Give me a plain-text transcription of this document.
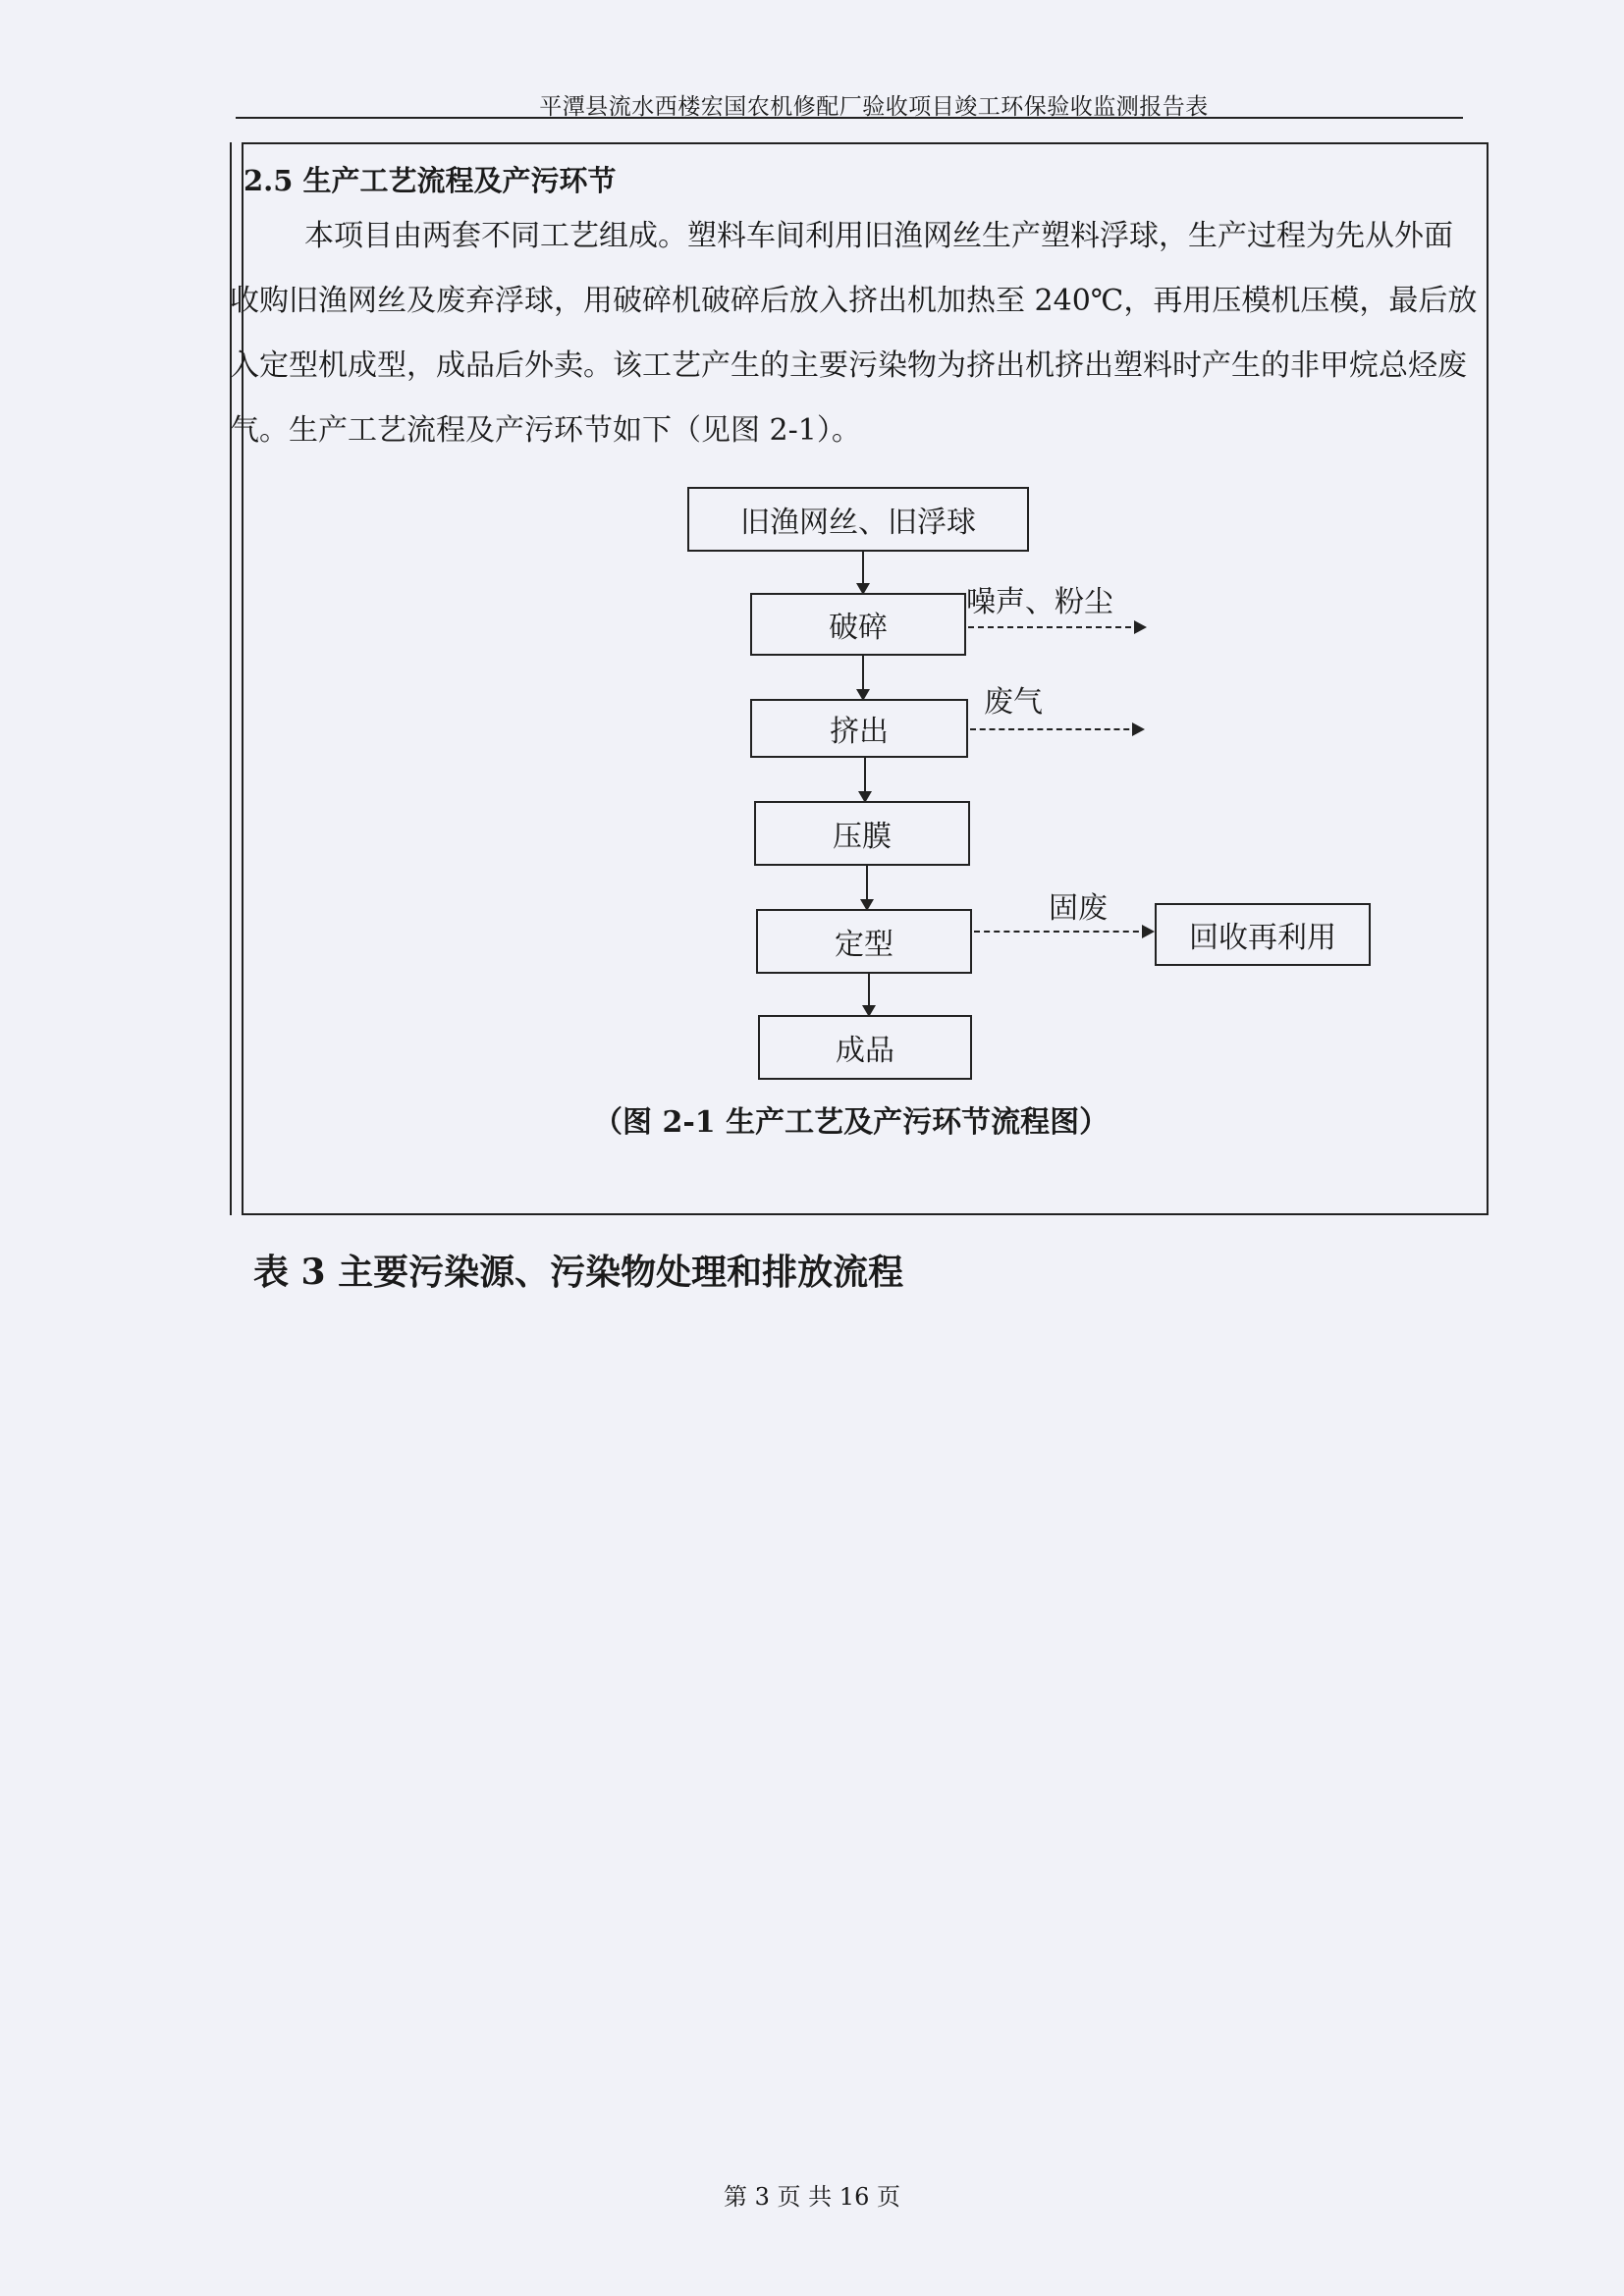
平潭县流水西楼宏国农机修配厂验收项目竣工环保验收监测报告表
2.5 生产工艺流程及产污环节

本项目由两套不同工艺组成。塑料车间利用旧渔网丝生产塑料浮球，生产过程为先从外面收购旧渔网丝及废弃浮球，用破碎机破碎后放入挤出机加热至 240℃，再用压模机压模，最后放入定型机成型，成品后外卖。该工艺产生的主要污染物为挤出机挤出塑料时产生的非甲烷总烃废气。生产工艺流程及产污环节如下（见图 2-1）。

旧渔网丝、旧浮球
破碎
噪声、粉尘
挤出
废气
压膜
定型
固废
回收再利用
成品
（图 2-1 生产工艺及产污环节流程图）
表 3 主要污染源、污染物处理和排放流程
第 3 页 共 16 页
